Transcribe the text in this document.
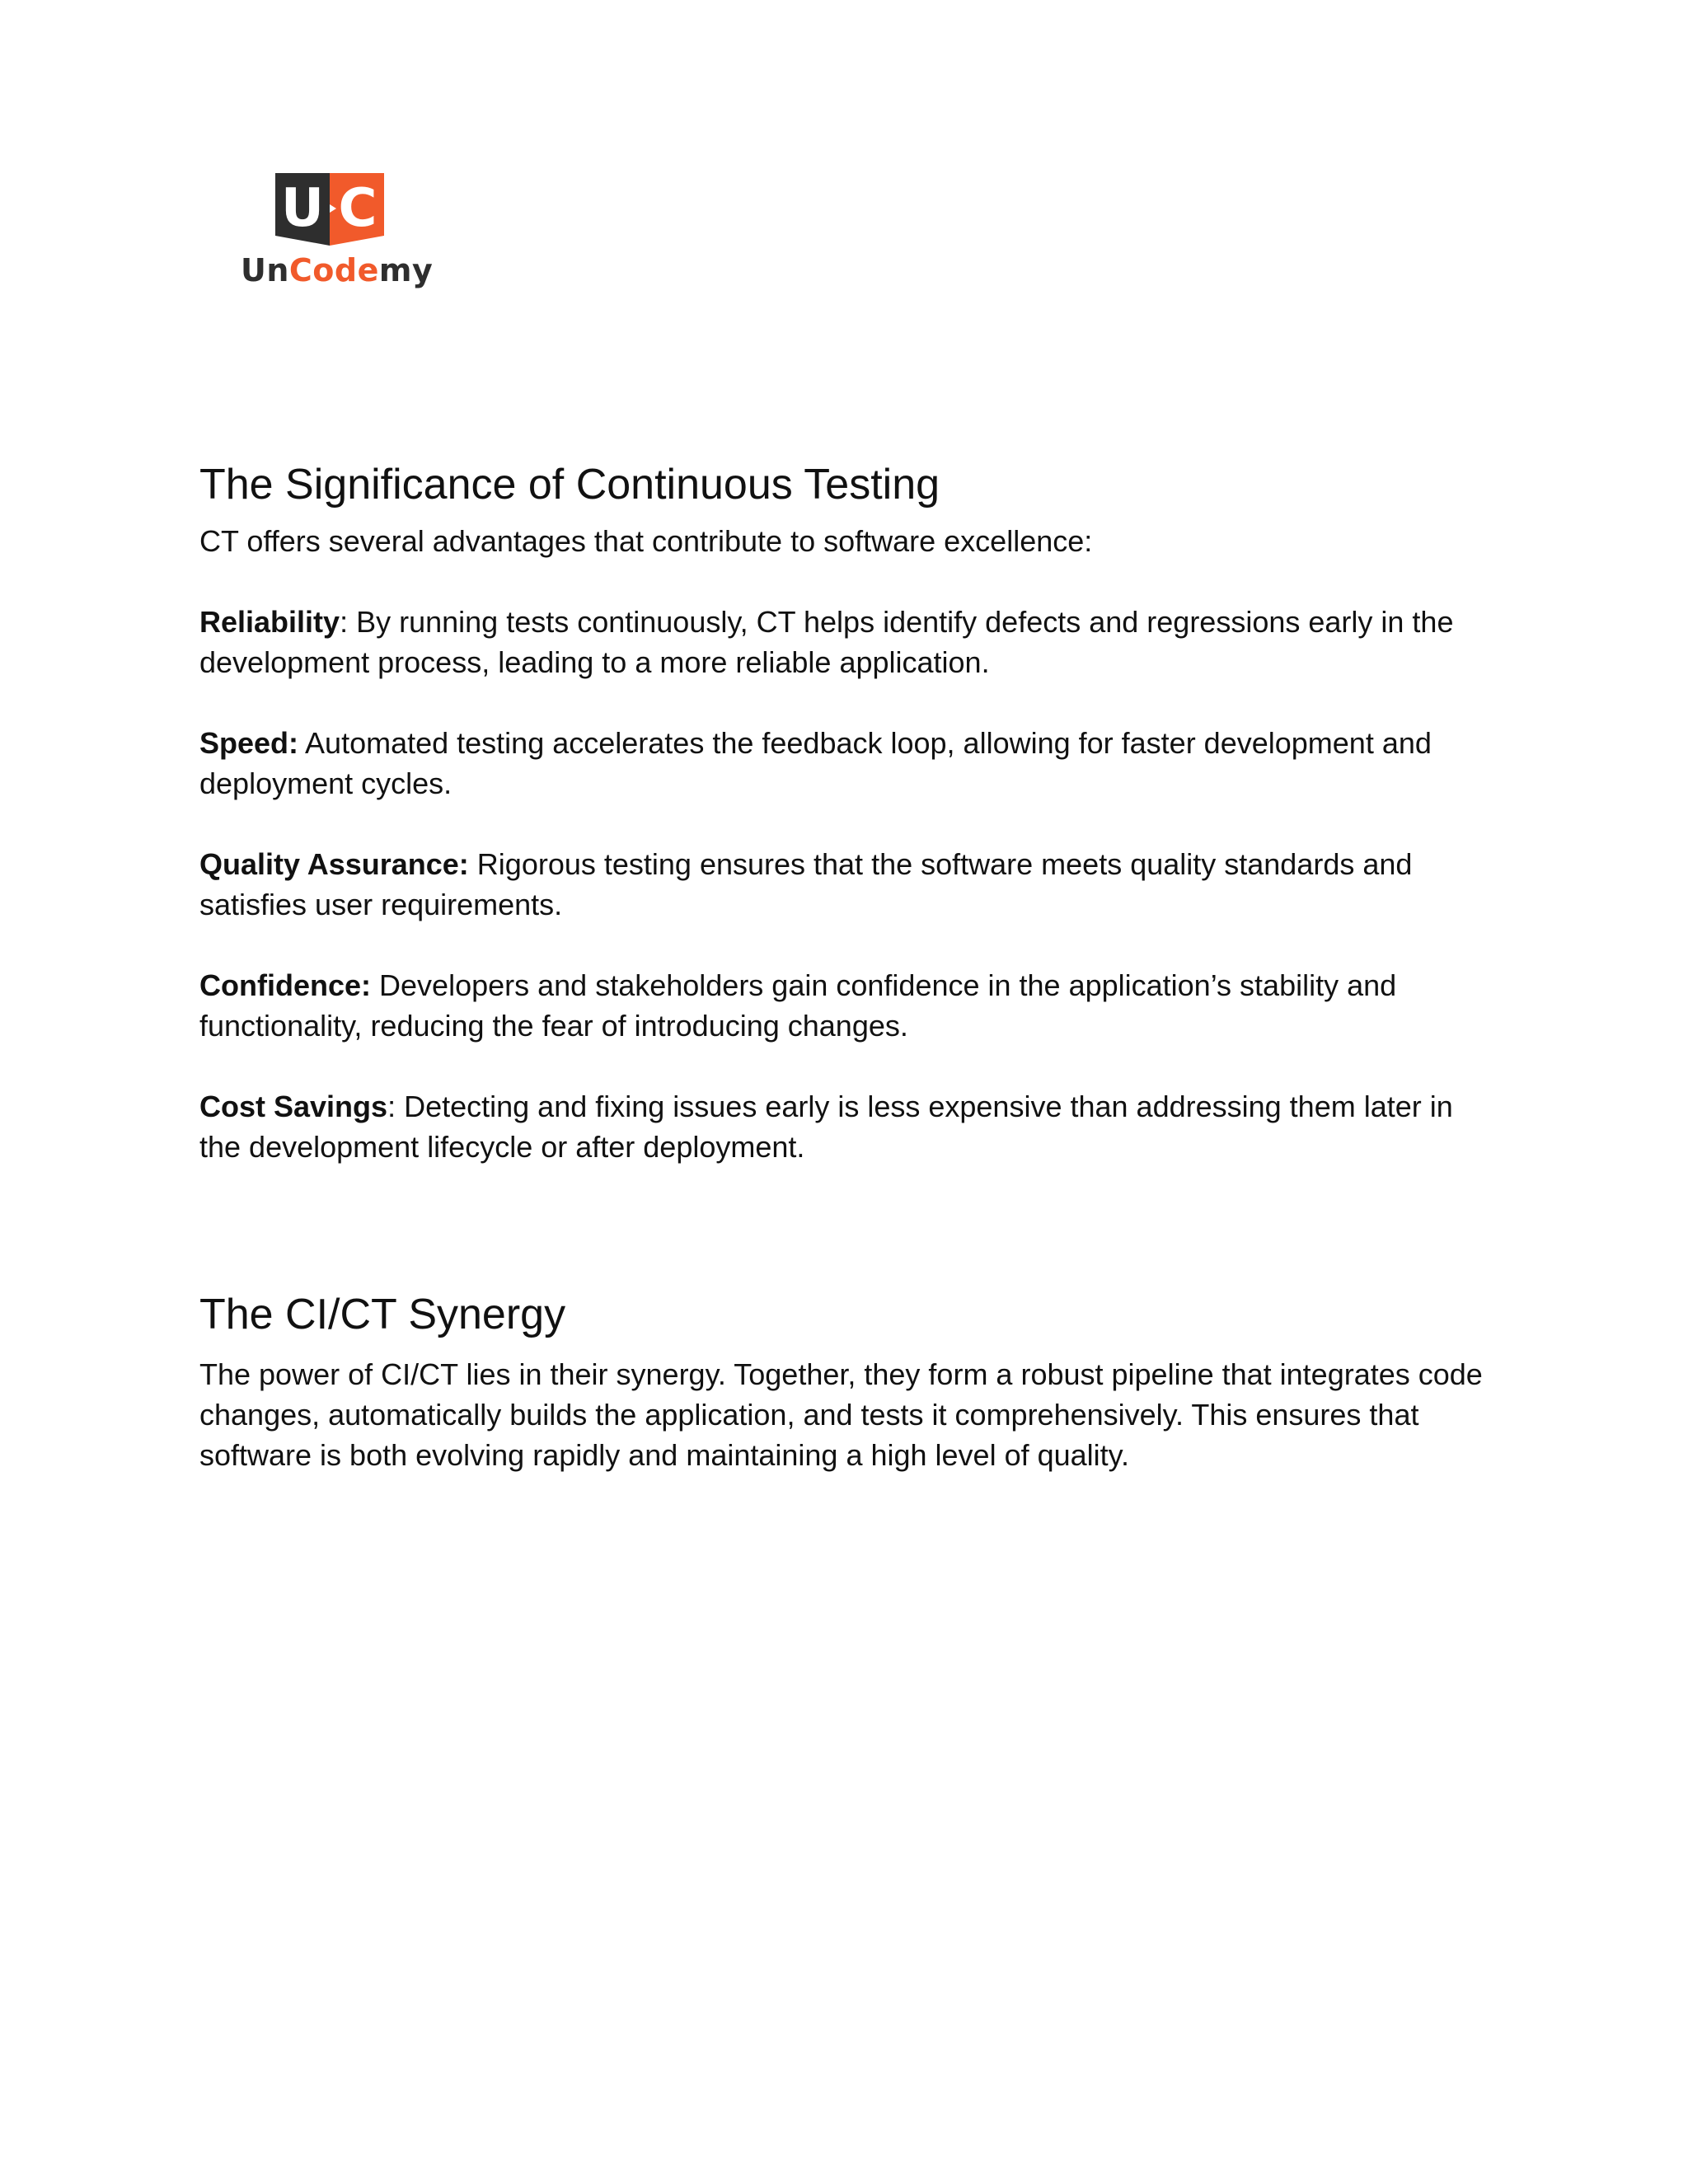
U C
UnCodemy
The Significance of Continuous Testing

CT offers several advantages that contribute to software excellence:

Reliability: By running tests continuously, CT helps identify defects and regressions early in the development process, leading to a more reliable application.

Speed: Automated testing accelerates the feedback loop, allowing for faster development and deployment cycles.

Quality Assurance: Rigorous testing ensures that the software meets quality standards and satisfies user requirements.

Confidence: Developers and stakeholders gain confidence in the application’s stability and functionality, reducing the fear of introducing changes.

Cost Savings: Detecting and fixing issues early is less expensive than addressing them later in the development lifecycle or after deployment.

The CI/CT Synergy

The power of CI/CT lies in their synergy. Together, they form a robust pipeline that integrates code changes, automatically builds the application, and tests it comprehensively. This ensures that software is both evolving rapidly and maintaining a high level of quality.
